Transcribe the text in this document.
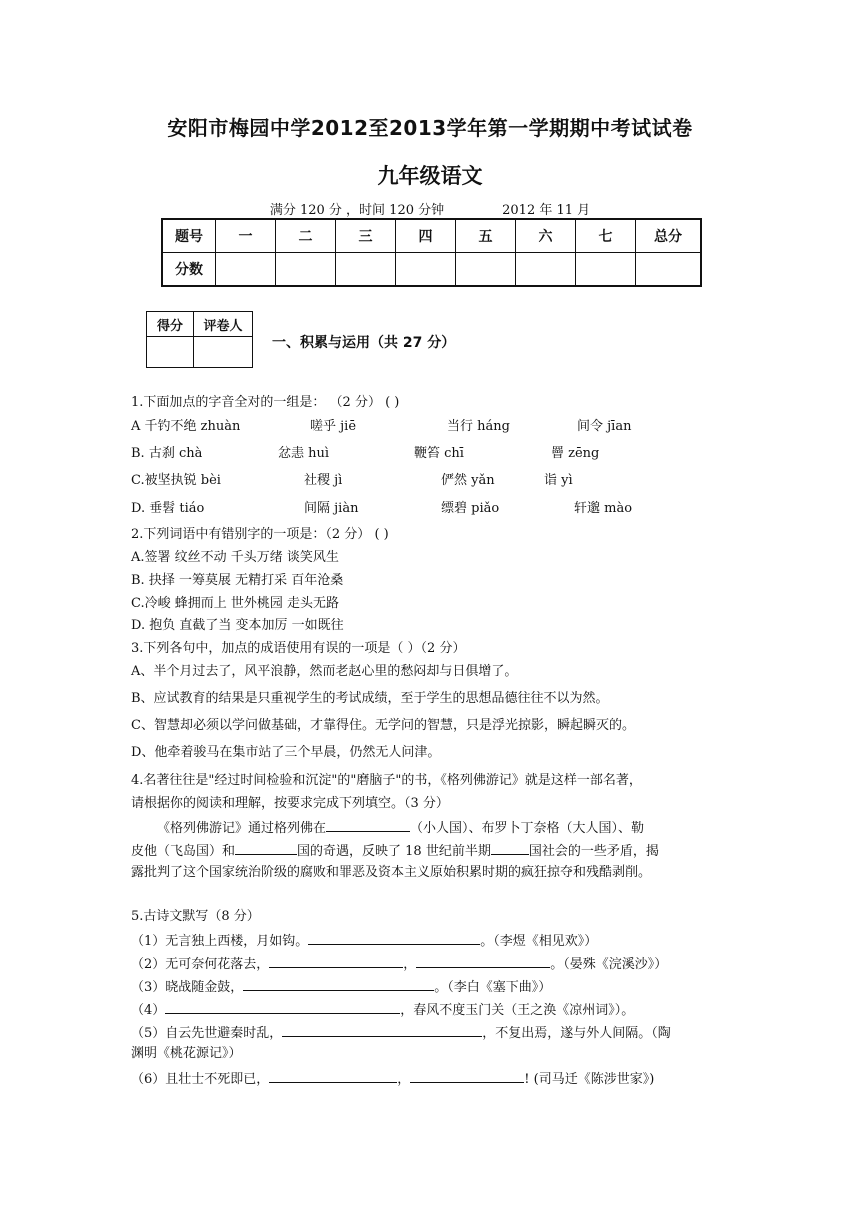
安阳市梅园中学2012至2013学年第一学期期中考试试卷
九年级语文
满分 120 分 ，时间 120 分钟	2012 年 11 月
题号	一	二	三	四	五	六	七	总分
分数								
得分	评卷人

一、积累与运用（共 27 分）
1.下面加点的字音全对的一组是： （2 分） ( )
A 千钓不绝 zhuàn	嗟乎 jiē	当行 háng	间令 jīan
B. 古刹 chà	忿恚 huì	鞭笞 chī	罾 zēng
C.被坚执锐 bèi	社稷 jì	俨然 yǎn	诣 yì
D. 垂髫 tiáo	间隔 jiàn	缥碧 piǎo	轩邈 mào
2.下列词语中有错别字的一项是：（2 分） ( )
A.签署 纹丝不动 千头万绪 谈笑风生
B. 抉择 一筹莫展 无精打采 百年沧桑
C.冷峻 蜂拥而上 世外桃园 走头无路
D. 抱负 直截了当 变本加厉 一如既往
3.下列各句中，加点的成语使用有误的一项是（ ）（2 分）
A、半个月过去了，风平浪静，然而老赵心里的愁闷却与日俱增了。
B、应试教育的结果是只重视学生的考试成绩，至于学生的思想品德往往不以为然。
C、智慧却必须以学问做基础，才靠得住。无学问的智慧，只是浮光掠影，瞬起瞬灭的。
D、他牵着骏马在集市站了三个早晨，仍然无人问津。
4.名著往往是"经过时间检验和沉淀"的"磨脑子"的书，《格列佛游记》就是这样一部名著，
请根据你的阅读和理解，按要求完成下列填空。（3 分）
《格列佛游记》通过格列佛在	（小人国）、布罗卜丁奈格（大人国）、勒
皮他（飞岛国）和	国的奇遇，反映了 18 世纪前半期	国社会的一些矛盾，揭
露批判了这个国家统治阶级的腐败和罪恶及资本主义原始积累时期的疯狂掠夺和残酷剥削。
5.古诗文默写（8 分）
（1）无言独上西楼，月如钩。	。（李煜《相见欢》）
（2）无可奈何花落去，	，	。（晏殊《浣溪沙》）
（3）晓战随金鼓，	。（李白《塞下曲》）
（4）	，春风不度玉门关（王之涣《凉州词》）。
（5）自云先世避秦时乱，	，不复出焉，遂与外人间隔。（陶
渊明《桃花源记》）
（6）且壮士不死即已，	，	! (司马迁《陈涉世家》)
